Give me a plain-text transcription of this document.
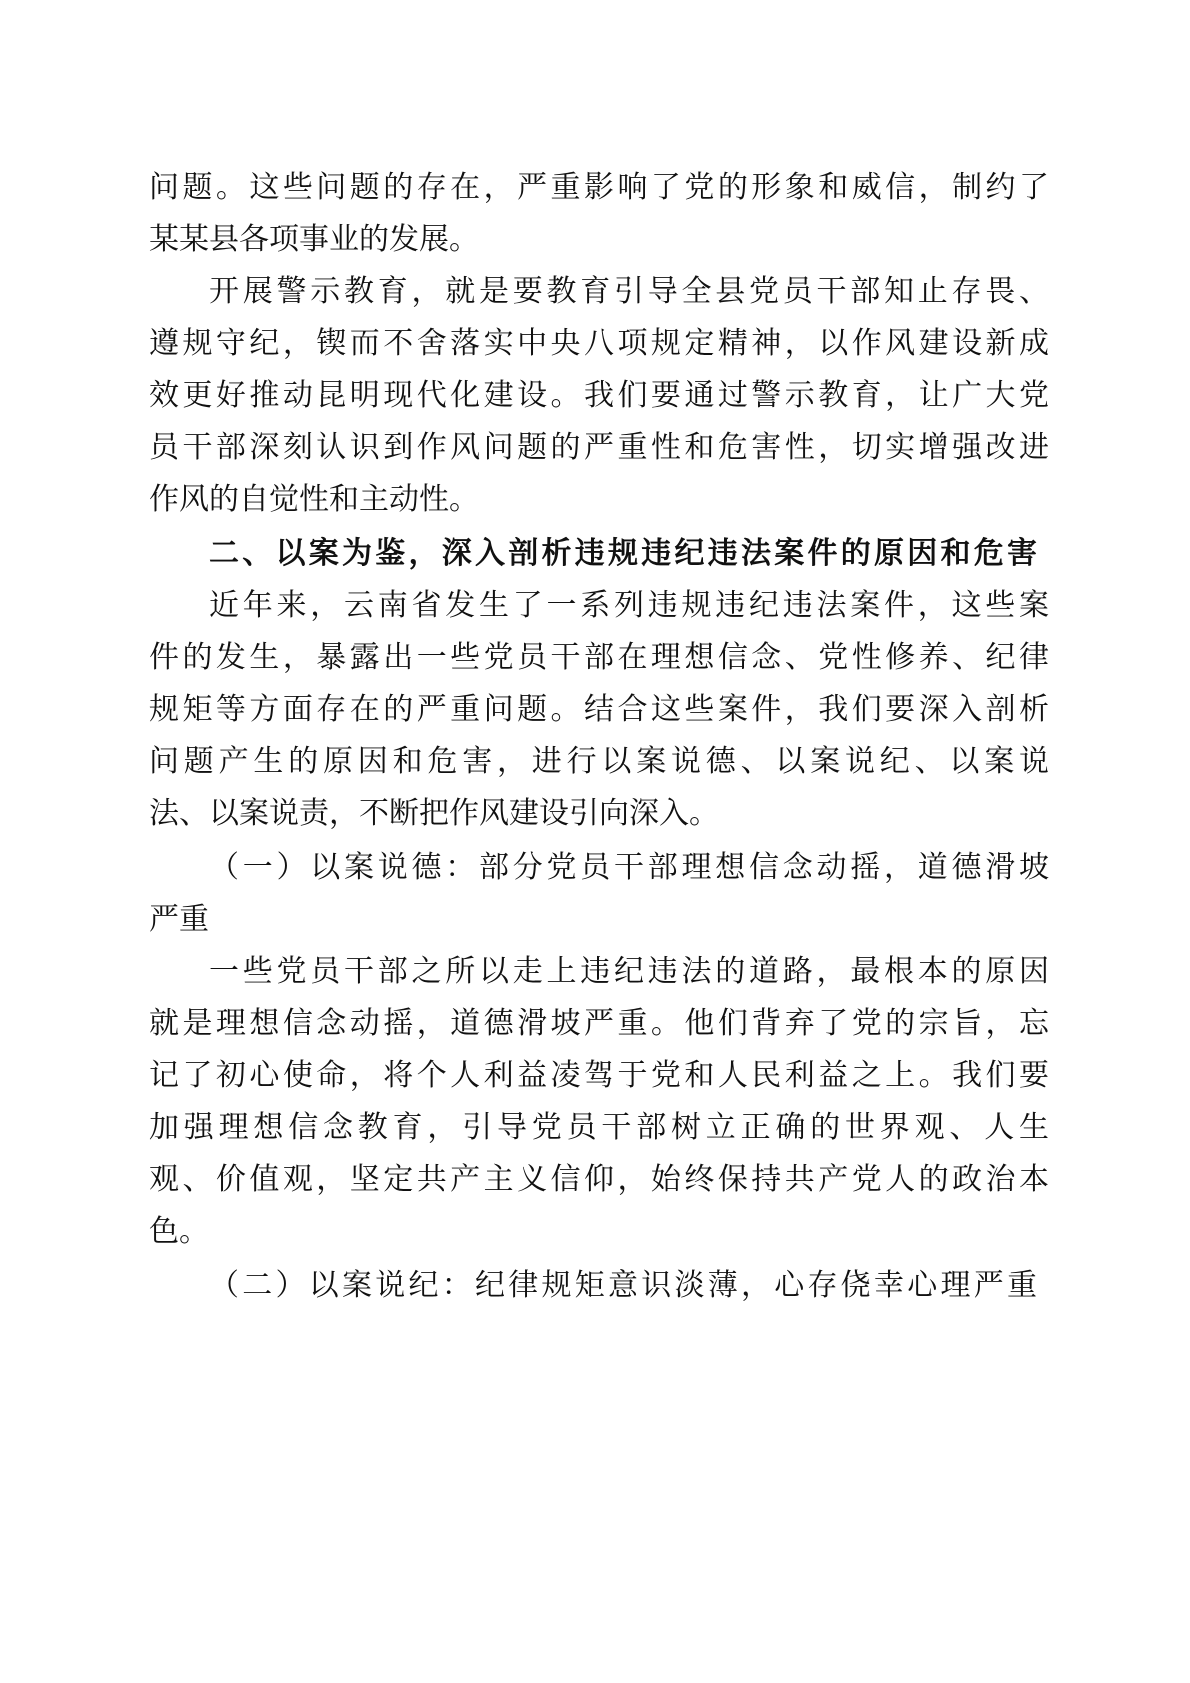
问题。这些问题的存在，严重影响了党的形象和威信，制约了
某某县各项事业的发展。
开展警示教育，就是要教育引导全县党员干部知止存畏、
遵规守纪，锲而不舍落实中央八项规定精神，以作风建设新成
效更好推动昆明现代化建设。我们要通过警示教育，让广大党
员干部深刻认识到作风问题的严重性和危害性，切实增强改进
作风的自觉性和主动性。
二、以案为鉴，深入剖析违规违纪违法案件的原因和危害
近年来，云南省发生了一系列违规违纪违法案件，这些案
件的发生，暴露出一些党员干部在理想信念、党性修养、纪律
规矩等方面存在的严重问题。结合这些案件，我们要深入剖析
问题产生的原因和危害，进行以案说德、以案说纪、以案说
法、以案说责，不断把作风建设引向深入。
（一）以案说德：部分党员干部理想信念动摇，道德滑坡
严重
一些党员干部之所以走上违纪违法的道路，最根本的原因
就是理想信念动摇，道德滑坡严重。他们背弃了党的宗旨，忘
记了初心使命，将个人利益凌驾于党和人民利益之上。我们要
加强理想信念教育，引导党员干部树立正确的世界观、人生
观、价值观，坚定共产主义信仰，始终保持共产党人的政治本
色。
（二）以案说纪：纪律规矩意识淡薄，心存侥幸心理严重
